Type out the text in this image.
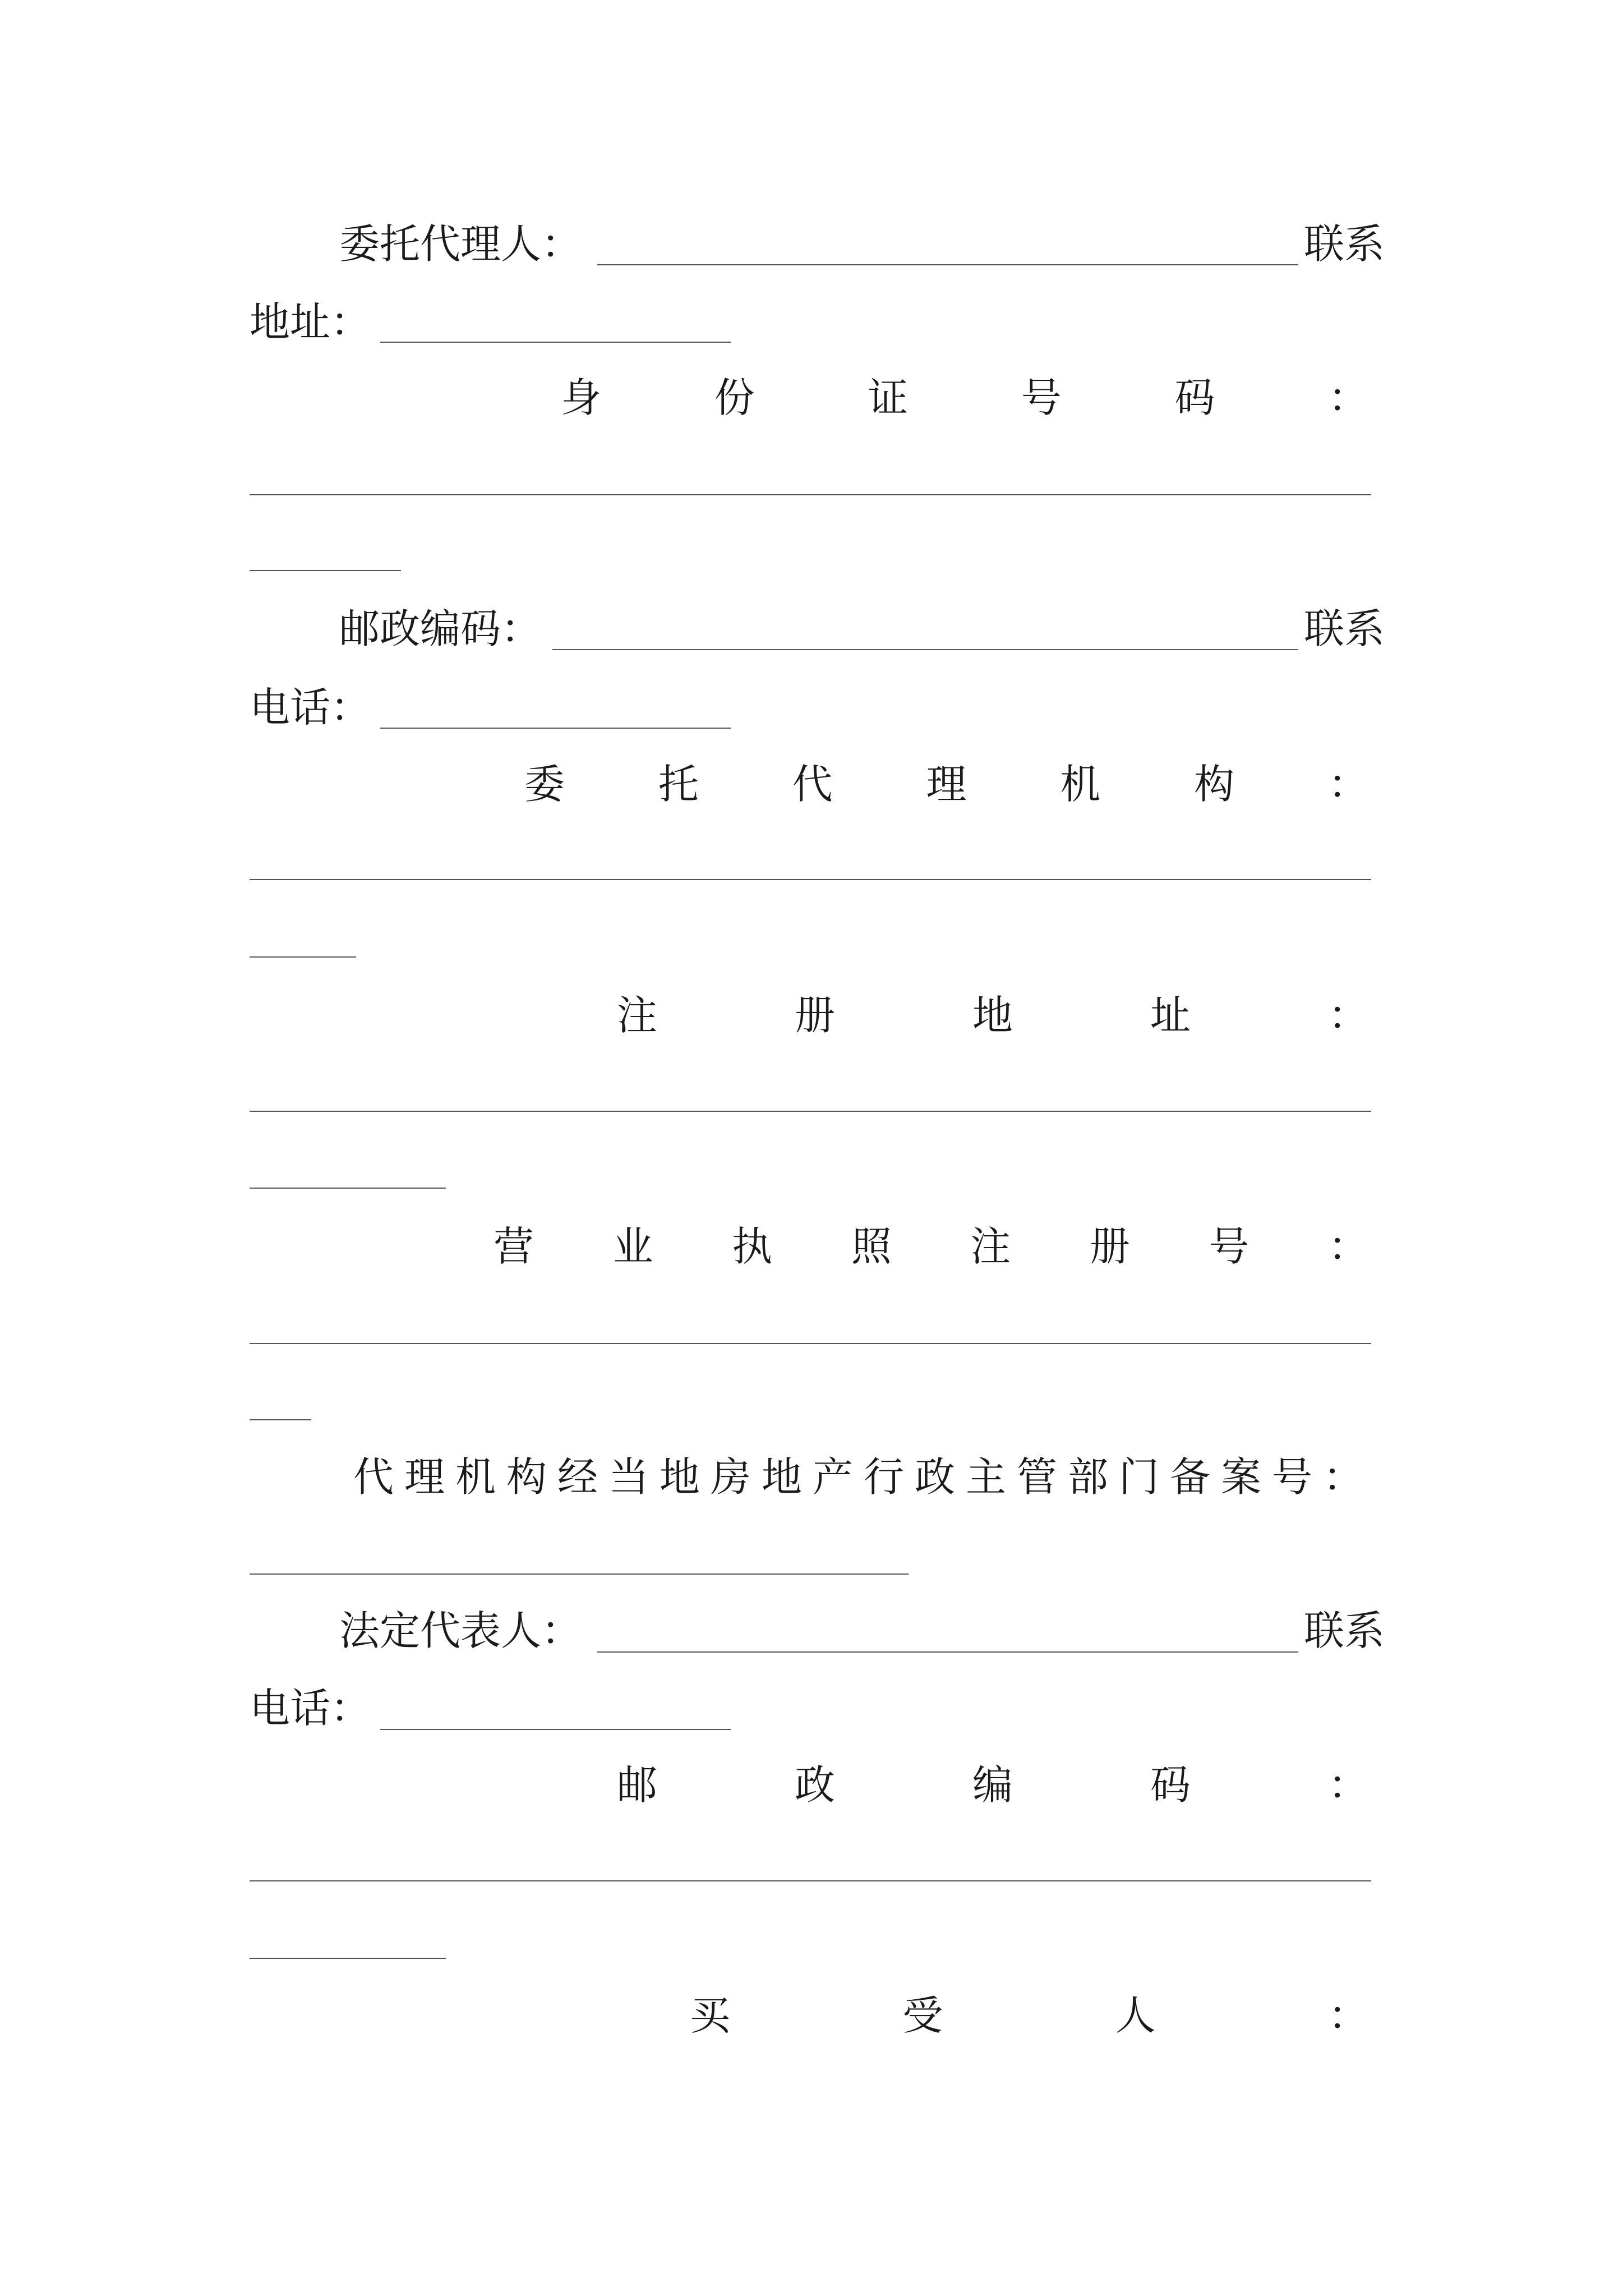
委托代理人：	联系
地址：
身	份	证	号	码	：
邮政编码：	联系
电话：
委 托 代 理 机 构 ：
注	册	地	址	：
营 业 执 照 注 册 号 ：
代理机构经当地房地产行政主管部门备案号：
法定代表人：	联系
电话：
邮	政	编	码	：
买	受	人	：
